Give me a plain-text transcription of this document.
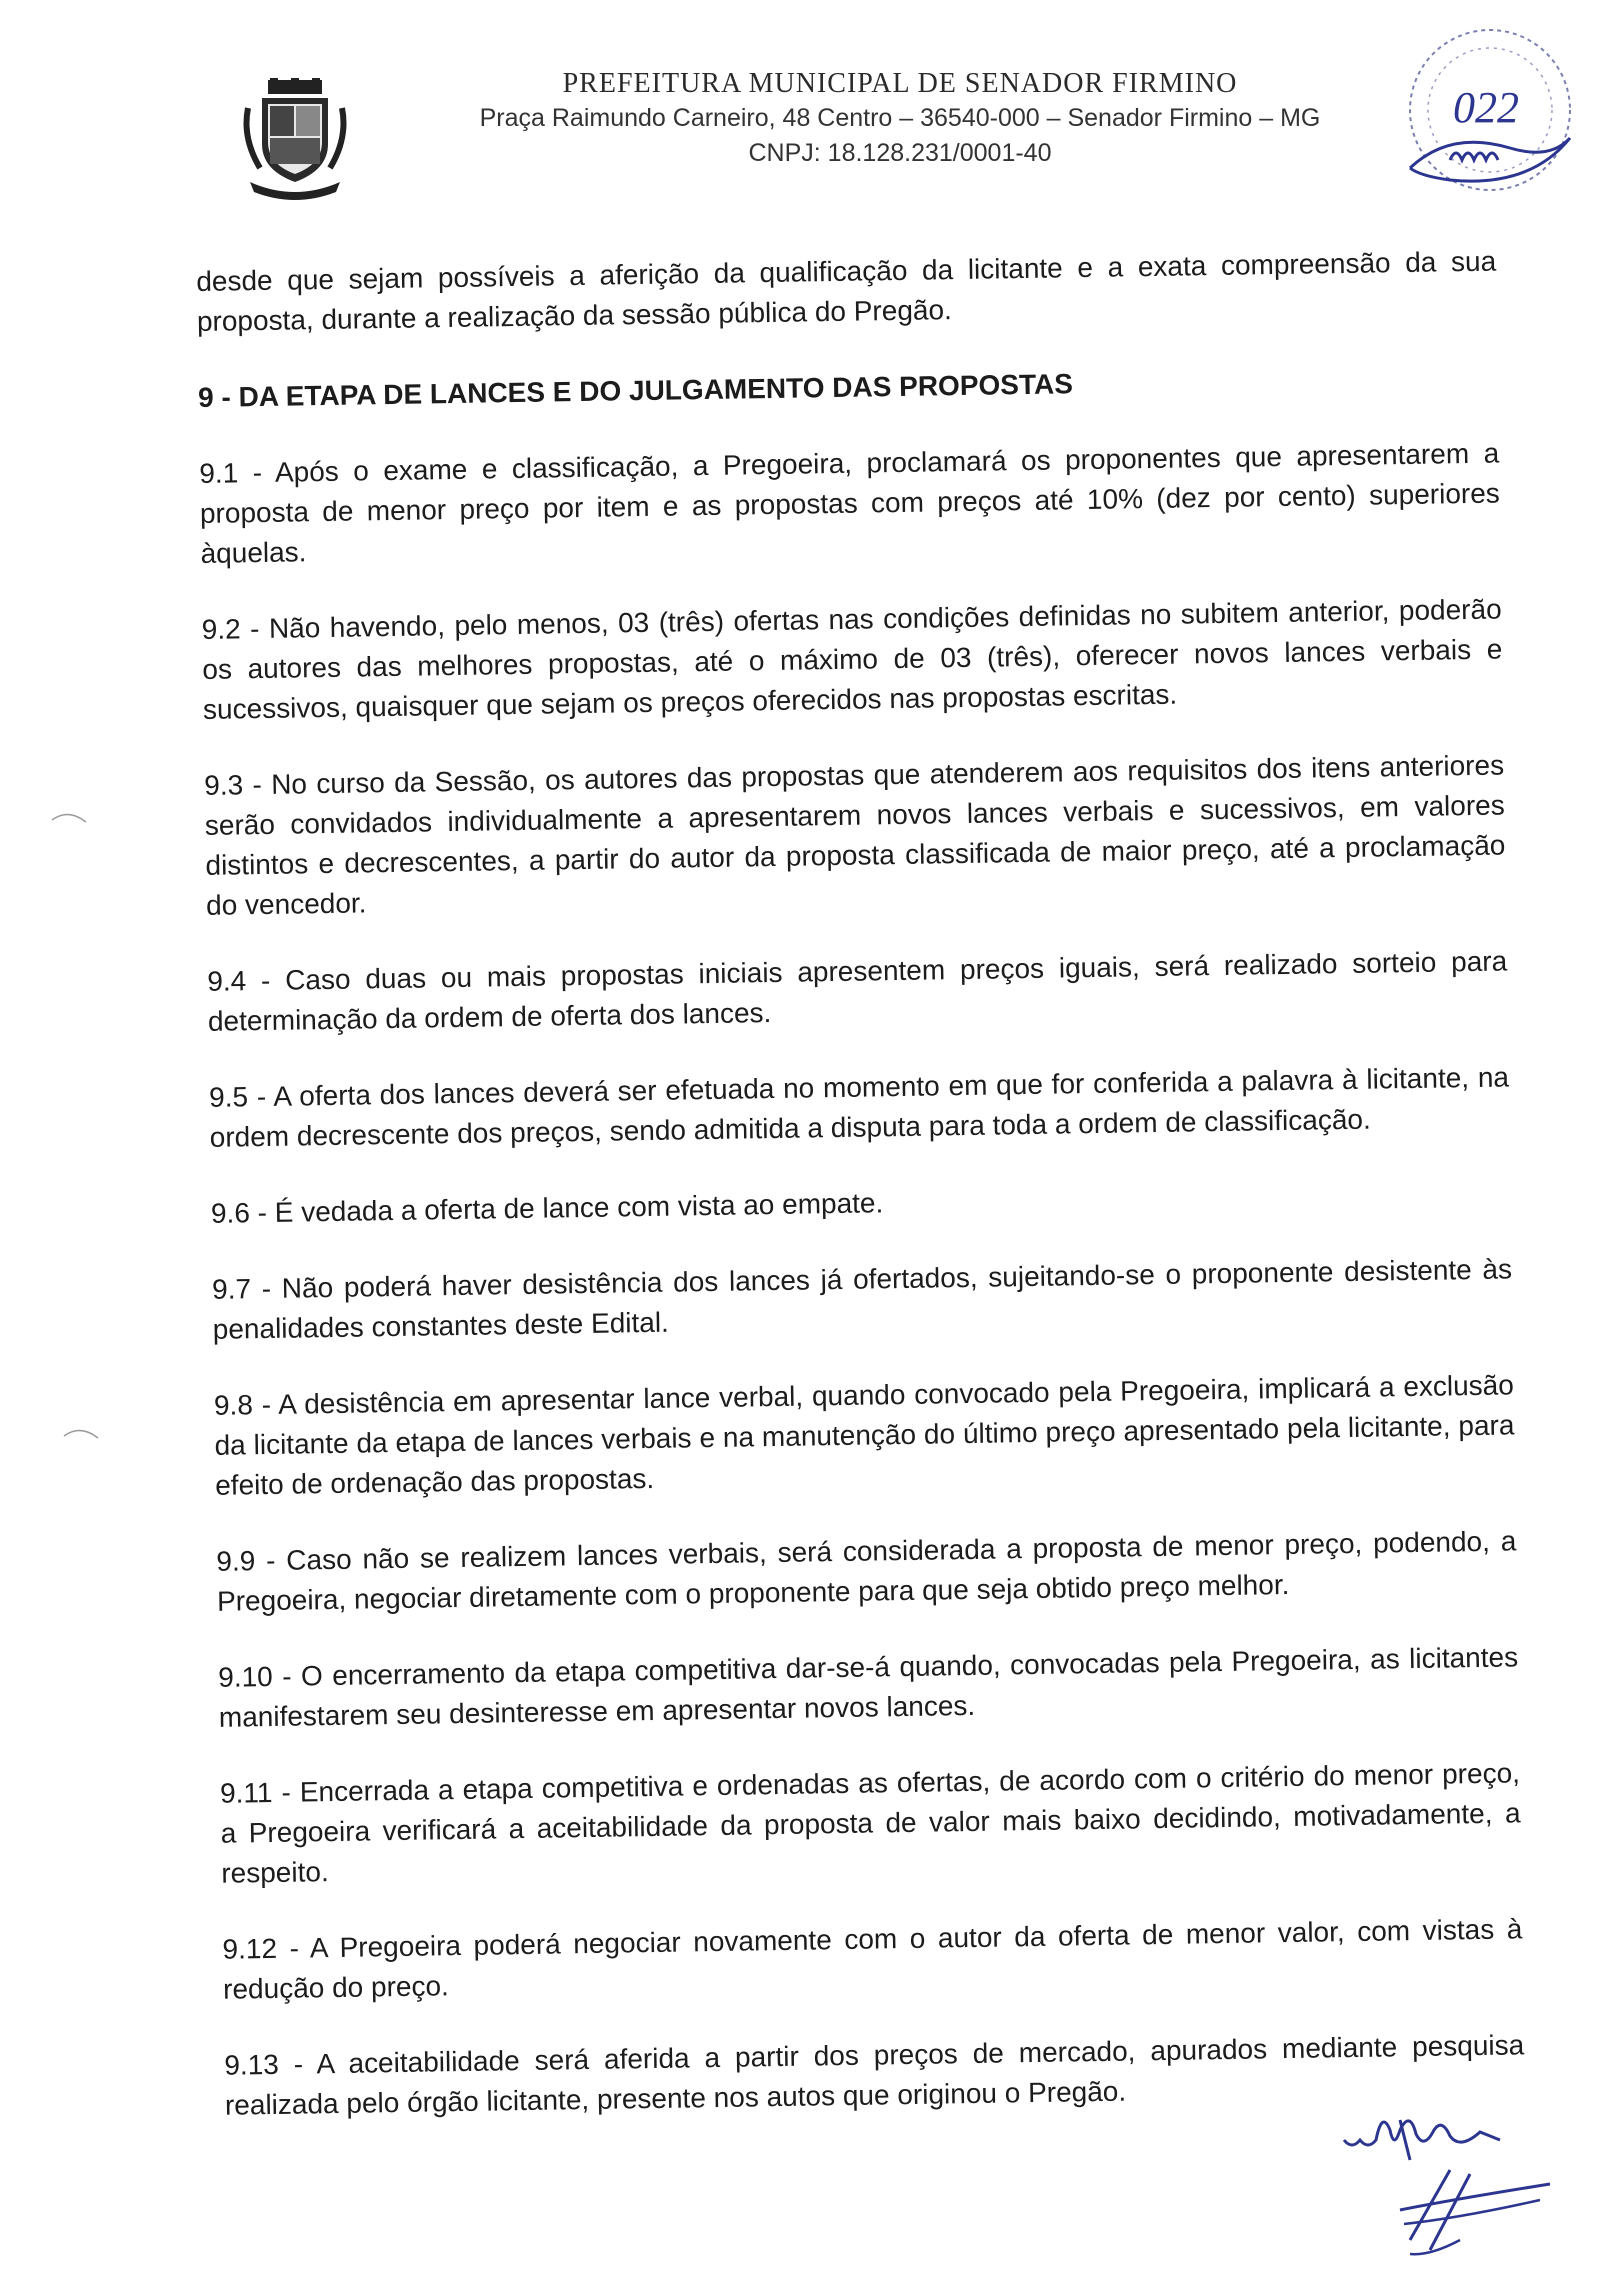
PREFEITURA MUNICIPAL DE SENADOR FIRMINO

Praça Raimundo Carneiro, 48 Centro – 36540-000 – Senador Firmino – MG

CNPJ: 18.128.231/0001-40

022

desde que sejam possíveis a aferição da qualificação da licitante e a exata compreensão da sua proposta, durante a realização da sessão pública do Pregão.

9 - DA ETAPA DE LANCES E DO JULGAMENTO DAS PROPOSTAS

9.1 - Após o exame e classificação, a Pregoeira, proclamará os proponentes que apresentarem a proposta de menor preço por item e as propostas com preços até 10% (dez por cento) superiores àquelas.

9.2 - Não havendo, pelo menos, 03 (três) ofertas nas condições definidas no subitem anterior, poderão os autores das melhores propostas, até o máximo de 03 (três), oferecer novos lances verbais e sucessivos, quaisquer que sejam os preços oferecidos nas propostas escritas.

9.3 - No curso da Sessão, os autores das propostas que atenderem aos requisitos dos itens anteriores serão convidados individualmente a apresentarem novos lances verbais e sucessivos, em valores distintos e decrescentes, a partir do autor da proposta classificada de maior preço, até a proclamação do vencedor.

9.4 - Caso duas ou mais propostas iniciais apresentem preços iguais, será realizado sorteio para determinação da ordem de oferta dos lances.

9.5 - A oferta dos lances deverá ser efetuada no momento em que for conferida a palavra à licitante, na ordem decrescente dos preços, sendo admitida a disputa para toda a ordem de classificação.

9.6 - É vedada a oferta de lance com vista ao empate.

9.7 - Não poderá haver desistência dos lances já ofertados, sujeitando-se o proponente desistente às penalidades constantes deste Edital.

9.8 - A desistência em apresentar lance verbal, quando convocado pela Pregoeira, implicará a exclusão da licitante da etapa de lances verbais e na manutenção do último preço apresentado pela licitante, para efeito de ordenação das propostas.

9.9 - Caso não se realizem lances verbais, será considerada a proposta de menor preço, podendo, a Pregoeira, negociar diretamente com o proponente para que seja obtido preço melhor.

9.10 - O encerramento da etapa competitiva dar-se-á quando, convocadas pela Pregoeira, as licitantes manifestarem seu desinteresse em apresentar novos lances.

9.11 - Encerrada a etapa competitiva e ordenadas as ofertas, de acordo com o critério do menor preço, a Pregoeira verificará a aceitabilidade da proposta de valor mais baixo decidindo, motivadamente, a respeito.

9.12 - A Pregoeira poderá negociar novamente com o autor da oferta de menor valor, com vistas à redução do preço.

9.13 - A aceitabilidade será aferida a partir dos preços de mercado, apurados mediante pesquisa realizada pelo órgão licitante, presente nos autos que originou o Pregão.
